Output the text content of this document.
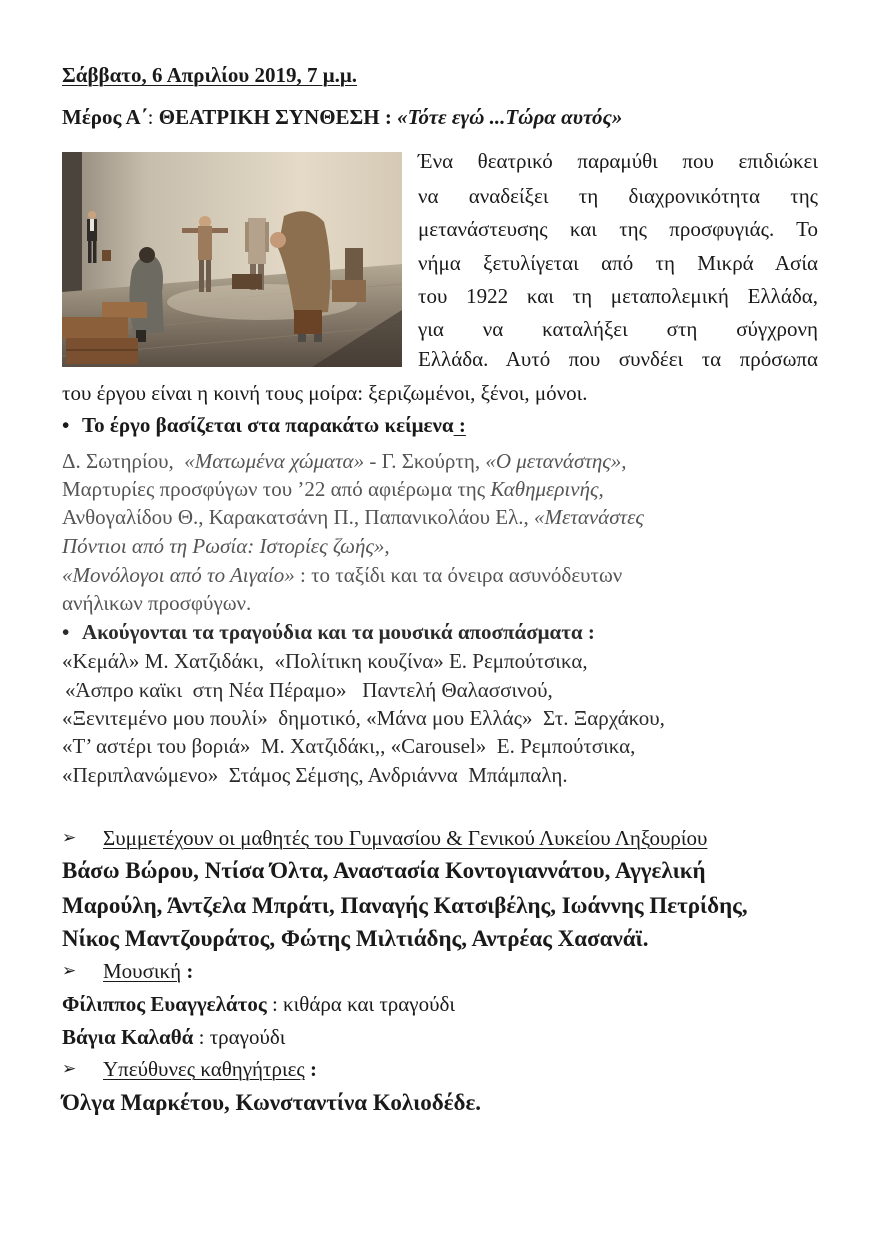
Σάββατο, 6 Απριλίου 2019, 7 μ.μ.
Μέρος Α΄: ΘΕΑΤΡΙΚΗ ΣΥΝΘΕΣΗ : «Τότε εγώ ...Τώρα αυτός»
Ένα θεατρικό παραμύθι που επιδιώκει
να αναδείξει τη διαχρονικότητα της
μετανάστευσης και της προσφυγιάς. Το
νήμα ξετυλίγεται από τη Μικρά Ασία
του 1922 και τη μεταπολεμική Ελλάδα,
για να καταλήξει στη σύγχρονη
Ελλάδα. Αυτό που συνδέει τα πρόσωπα
του έργου είναι η κοινή τους μοίρα: ξεριζωμένοι, ξένοι, μόνοι.

•

Το έργο βασίζεται στα παρακάτω κείμενα :

Δ. Σωτηρίου,  «Ματωμένα χώματα» - Γ. Σκούρτη, «Ο μετανάστης»,
Μαρτυρίες προσφύγων του ’22 από αφιέρωμα της Καθημερινής,
Ανθογαλίδου Θ., Καρακατσάνη Π., Παπανικολάου Ελ., «Μετανάστες
Πόντιοι από τη Ρωσία: Ιστορίες ζωής»,
«Μονόλογοι από το Αιγαίο» : το ταξίδι και τα όνειρα ασυνόδευτων
ανήλικων προσφύγων.

•

Ακούγονται τα τραγούδια και τα μουσικά αποσπάσματα :

«Κεμάλ» Μ. Χατζιδάκι,  «Πολίτικη κουζίνα» Ε. Ρεμπούτσικα,
«Άσπρο καϊκι  στη Νέα Πέραμο»   Παντελή Θαλασσινού,
«Ξενιτεμένο μου πουλί»  δημοτικό, «Μάνα μου Ελλάς»  Στ. Ξαρχάκου,
«Τ’ αστέρι του βοριά»  Μ. Χατζιδάκι,, «Carousel»  Ε. Ρεμπούτσικα,
«Περιπλανώμενο»  Στάμος Σέμσης, Ανδριάννα  Μπάμπαλη.

➢

Συμμετέχουν οι μαθητές του Γυμνασίου & Γενικού Λυκείου Ληξουρίου

Βάσω Βώρου, Ντίσα Όλτα, Αναστασία Κοντογιαννάτου, Αγγελική
Μαρούλη, Άντζελα Μπράτι, Παναγής Κατσιβέλης, Ιωάννης Πετρίδης,
Νίκος Μαντζουράτος, Φώτης Μιλτιάδης, Αντρέας Χασανάϊ.

➢

Μουσική :

Φίλιππος Ευαγγελάτος : κιθάρα και τραγούδι
Βάγια Καλαθά : τραγούδι

➢

Υπεύθυνες καθηγήτριες :

Όλγα Μαρκέτου, Κωνσταντίνα Κολιοδέδε.
